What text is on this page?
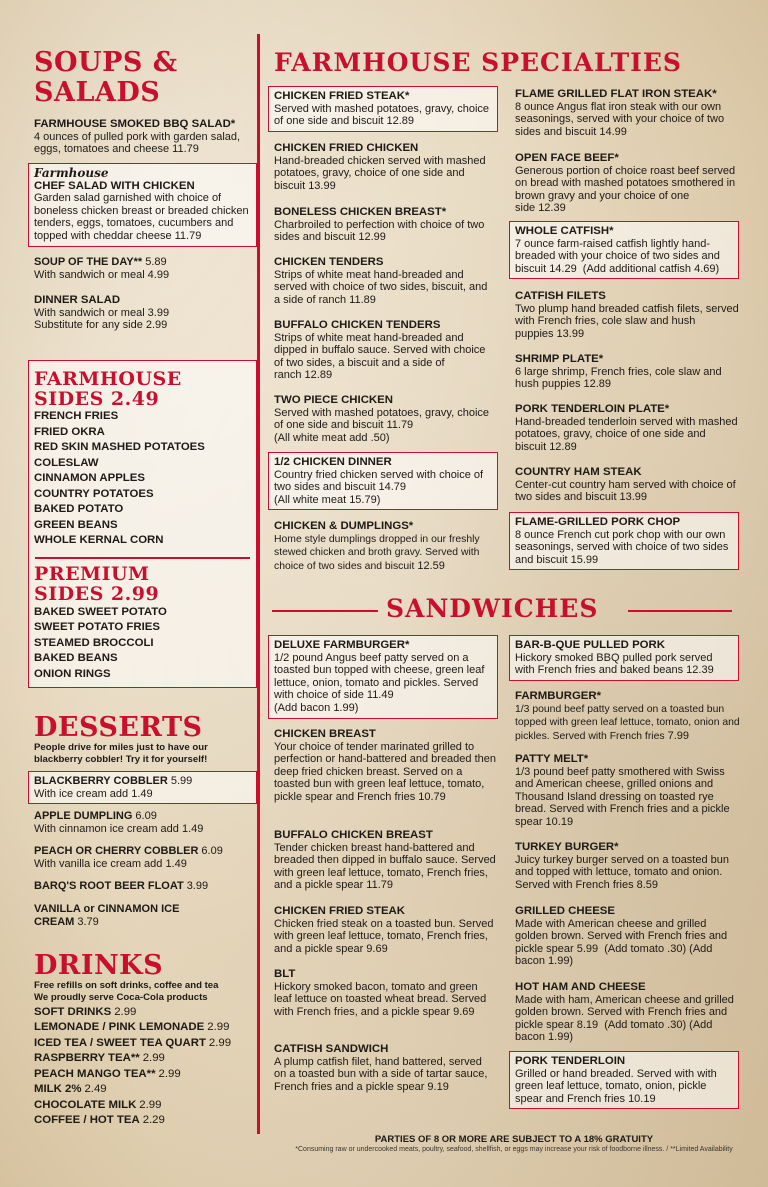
SOUPS &
SALADS
FARMHOUSE SMOKED BBQ SALAD*
4 ounces of pulled pork with garden salad, eggs, tomatoes and cheese 11.79
Farmhouse
CHEF SALAD WITH CHICKEN
Garden salad garnished with choice of boneless chicken breast or breaded chicken tenders, eggs, tomatoes, cucumbers and topped with cheddar cheese 11.79
SOUP OF THE DAY** 5.89
With sandwich or meal 4.99
DINNER SALAD
With sandwich or meal 3.99
Substitute for any side 2.99
FARMHOUSE
SIDES 2.49
FRENCH FRIES
FRIED OKRA
RED SKIN MASHED POTATOES
COLESLAW
CINNAMON APPLES
COUNTRY POTATOES
BAKED POTATO
GREEN BEANS
WHOLE KERNAL CORN
PREMIUM
SIDES 2.99
BAKED SWEET POTATO
SWEET POTATO FRIES
STEAMED BROCCOLI
BAKED BEANS
ONION RINGS
DESSERTS
People drive for miles just to have our blackberry cobbler! Try it for yourself!
BLACKBERRY COBBLER 5.99
With ice cream add 1.49
APPLE DUMPLING 6.09
With cinnamon ice cream add 1.49
PEACH OR CHERRY COBBLER 6.09
With vanilla ice cream add 1.49
BARQ'S ROOT BEER FLOAT 3.99
VANILLA or CINNAMON ICE CREAM 3.79
DRINKS
Free refills on soft drinks, coffee and tea
We proudly serve Coca-Cola products
SOFT DRINKS 2.99
LEMONADE / PINK LEMONADE 2.99
ICED TEA / SWEET TEA QUART 2.99
RASPBERRY TEA** 2.99
PEACH MANGO TEA** 2.99
MILK 2% 2.49
CHOCOLATE MILK 2.99
COFFEE / HOT TEA 2.29
FARMHOUSE SPECIALTIES
CHICKEN FRIED STEAK*
Served with mashed potatoes, gravy, choice of one side and biscuit 12.89
CHICKEN FRIED CHICKEN
Hand-breaded chicken served with mashed potatoes, gravy, choice of one side and biscuit 13.99
BONELESS CHICKEN BREAST*
Charbroiled to perfection with choice of two sides and biscuit 12.99
CHICKEN TENDERS
Strips of white meat hand-breaded and served with choice of two sides, biscuit, and a side of ranch 11.89
BUFFALO CHICKEN TENDERS
Strips of white meat hand-breaded and dipped in buffalo sauce. Served with choice of two sides, a biscuit and a side of ranch 12.89
TWO PIECE CHICKEN
Served with mashed potatoes, gravy, choice of one side and biscuit 11.79
(All white meat add .50)
1/2 CHICKEN DINNER
Country fried chicken served with choice of two sides and biscuit 14.79
(All white meat 15.79)
CHICKEN & DUMPLINGS*
Home style dumplings dropped in our freshly stewed chicken and broth gravy. Served with choice of two sides and biscuit 12.59
FLAME GRILLED FLAT IRON STEAK*
8 ounce Angus flat iron steak with our own seasonings, served with your choice of two sides and biscuit 14.99
OPEN FACE BEEF*
Generous portion of choice roast beef served on bread with mashed potatoes smothered in brown gravy and your choice of one side 12.39
WHOLE CATFISH*
7 ounce farm-raised catfish lightly hand-breaded with your choice of two sides and biscuit 14.29 (Add additional catfish 4.69)
CATFISH FILETS
Two plump hand breaded catfish filets, served with French fries, cole slaw and hush puppies 13.99
SHRIMP PLATE*
6 large shrimp, French fries, cole slaw and hush puppies 12.89
PORK TENDERLOIN PLATE*
Hand-breaded tenderloin served with mashed potatoes, gravy, choice of one side and biscuit 12.89
COUNTRY HAM STEAK
Center-cut country ham served with choice of two sides and biscuit 13.99
FLAME-GRILLED PORK CHOP
8 ounce French cut pork chop with our own seasonings, served with choice of two sides and biscuit 15.99
SANDWICHES
DELUXE FARMBURGER*
1/2 pound Angus beef patty served on a toasted bun topped with cheese, green leaf lettuce, onion, tomato and pickles. Served with choice of side 11.49
(Add bacon 1.99)
CHICKEN BREAST
Your choice of tender marinated grilled to perfection or hand-battered and breaded then deep fried chicken breast. Served on a toasted bun with green leaf lettuce, tomato, pickle spear and French fries 10.79
BUFFALO CHICKEN BREAST
Tender chicken breast hand-battered and breaded then dipped in buffalo sauce. Served with green leaf lettuce, tomato, French fries, and a pickle spear 11.79
CHICKEN FRIED STEAK
Chicken fried steak on a toasted bun. Served with green leaf lettuce, tomato, French fries, and a pickle spear 9.69
BLT
Hickory smoked bacon, tomato and green leaf lettuce on toasted wheat bread. Served with French fries, and a pickle spear 9.69
CATFISH SANDWICH
A plump catfish filet, hand battered, served on a toasted bun with a side of tartar sauce, French fries and a pickle spear 9.19
BAR-B-QUE PULLED PORK
Hickory smoked BBQ pulled pork served with French fries and baked beans 12.39
FARMBURGER*
1/3 pound beef patty served on a toasted bun topped with green leaf lettuce, tomato, onion and pickles. Served with French fries 7.99
PATTY MELT*
1/3 pound beef patty smothered with Swiss and American cheese, grilled onions and Thousand Island dressing on toasted rye bread. Served with French fries and a pickle spear 10.19
TURKEY BURGER*
Juicy turkey burger served on a toasted bun and topped with lettuce, tomato and onion. Served with French fries 8.59
GRILLED CHEESE
Made with American cheese and grilled golden brown. Served with French fries and pickle spear 5.99 (Add tomato .30) (Add bacon 1.99)
HOT HAM AND CHEESE
Made with ham, American cheese and grilled golden brown. Served with French fries and pickle spear 8.19 (Add tomato .30) (Add bacon 1.99)
PORK TENDERLOIN
Grilled or hand breaded. Served with with green leaf lettuce, tomato, onion, pickle spear and French fries 10.19
PARTIES OF 8 OR MORE ARE SUBJECT TO A 18% GRATUITY
*Consuming raw or undercooked meats, poultry, seafood, shellfish, or eggs may increase your risk of foodborne illness. / **Limited Availability
